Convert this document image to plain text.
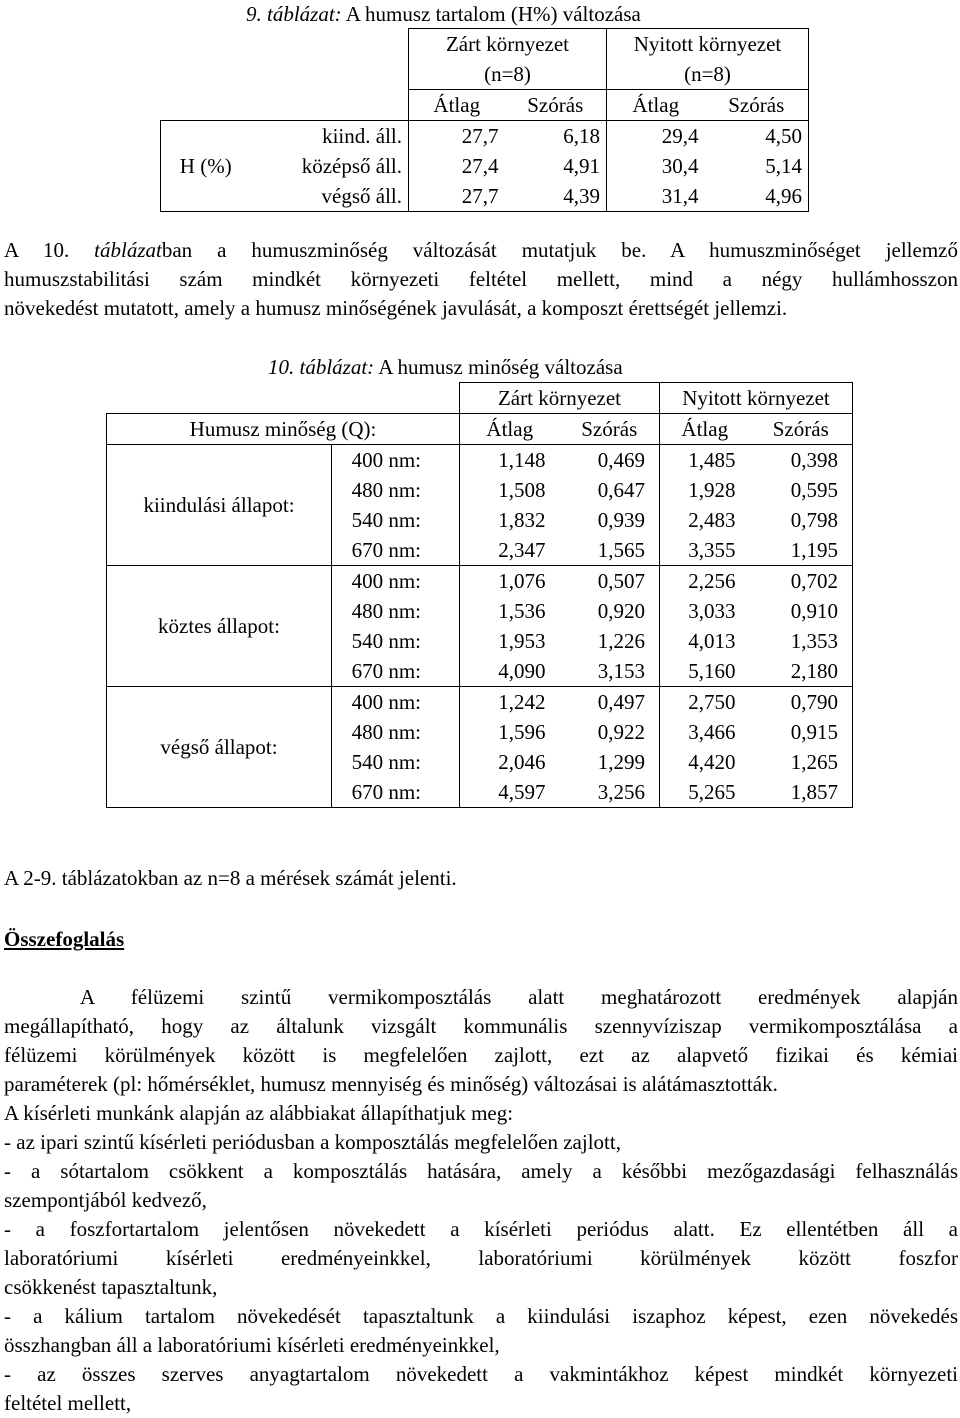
9. táblázat: A humusz tartalom (H%) változása
		Zárt környezet		Nyitott környezet	
		(n=8)		(n=8)	
		Átlag	Szórás	Átlag	Szórás
H (%)	kiind. áll.	27,7	6,18	29,4	4,50
	középső áll.	27,4	4,91	30,4	5,14
	végső áll.	27,7	4,39	31,4	4,96
A 10. táblázatban a humuszminőség változását mutatjuk be. A humuszminőséget jellemző
humuszstabilitási szám mindkét környezeti feltétel mellett, mind a négy hullámhosszon
növekedést mutatott, amely a humusz minőségének javulását, a komposzt érettségét jellemzi.
10. táblázat: A humusz minőség változása
		Zárt környezet		Nyitott környezet	
Humusz minőség (Q):		Átlag	Szórás	Átlag	Szórás
kiindulási állapot:	400 nm:	1,148	0,469	1,485	0,398
	480 nm:	1,508	0,647	1,928	0,595
	540 nm:	1,832	0,939	2,483	0,798
	670 nm:	2,347	1,565	3,355	1,195
köztes állapot:	400 nm:	1,076	0,507	2,256	0,702
	480 nm:	1,536	0,920	3,033	0,910
	540 nm:	1,953	1,226	4,013	1,353
	670 nm:	4,090	3,153	5,160	2,180
végső állapot:	400 nm:	1,242	0,497	2,750	0,790
	480 nm:	1,596	0,922	3,466	0,915
	540 nm:	2,046	1,299	4,420	1,265
	670 nm:	4,597	3,256	5,265	1,857
A 2-9. táblázatokban az n=8 a mérések számát jelenti.
Összefoglalás
A félüzemi szintű vermikomposztálás alatt meghatározott eredmények alapján
megállapítható, hogy az általunk vizsgált kommunális szennyvíziszap vermikomposztálása a
félüzemi körülmények között is megfelelően zajlott, ezt az alapvető fizikai és kémiai
paraméterek (pl: hőmérséklet, humusz mennyiség és minőség) változásai is alátámasztották.
A kísérleti munkánk alapján az alábbiakat állapíthatjuk meg:
- az ipari szintű kísérleti periódusban a komposztálás megfelelően zajlott,
- a sótartalom csökkent a komposztálás hatására, amely a későbbi mezőgazdasági felhasználás
szempontjából kedvező,
- a foszfortartalom jelentősen növekedett a kísérleti periódus alatt. Ez ellentétben áll a
laboratóriumi kísérleti eredményeinkkel, laboratóriumi körülmények között foszfor
csökkenést tapasztaltunk,
- a kálium tartalom növekedését tapasztaltunk a kiindulási iszaphoz képest, ezen növekedés
összhangban áll a laboratóriumi kísérleti eredményeinkkel,
- az összes szerves anyagtartalom növekedett a vakmintákhoz képest mindkét környezeti
feltétel mellett,
